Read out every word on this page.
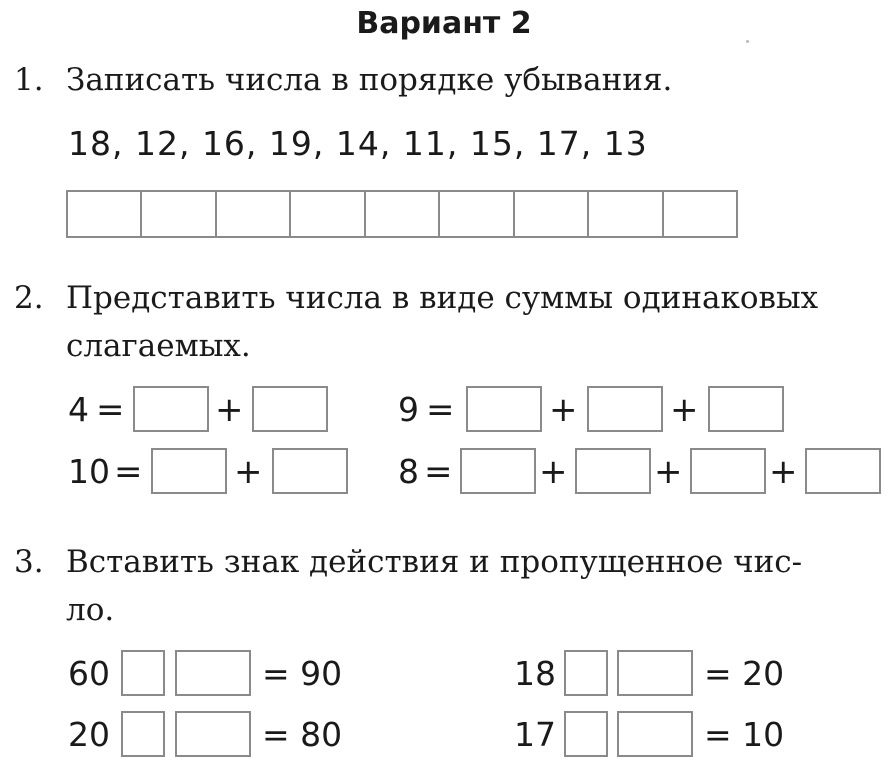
Вариант 2
1. Записать числа в порядке убывания.
18, 12, 16, 19, 14, 11, 15, 17, 13
2. Представить числа в виде суммы одинаковых
слагаемых.
4 =	+	9 =	+	+
10 =	+	8 =	+	+	+
3. Вставить знак действия и пропущенное чис-
ло.
60	= 90	18	= 20
20	= 80	17	= 10
